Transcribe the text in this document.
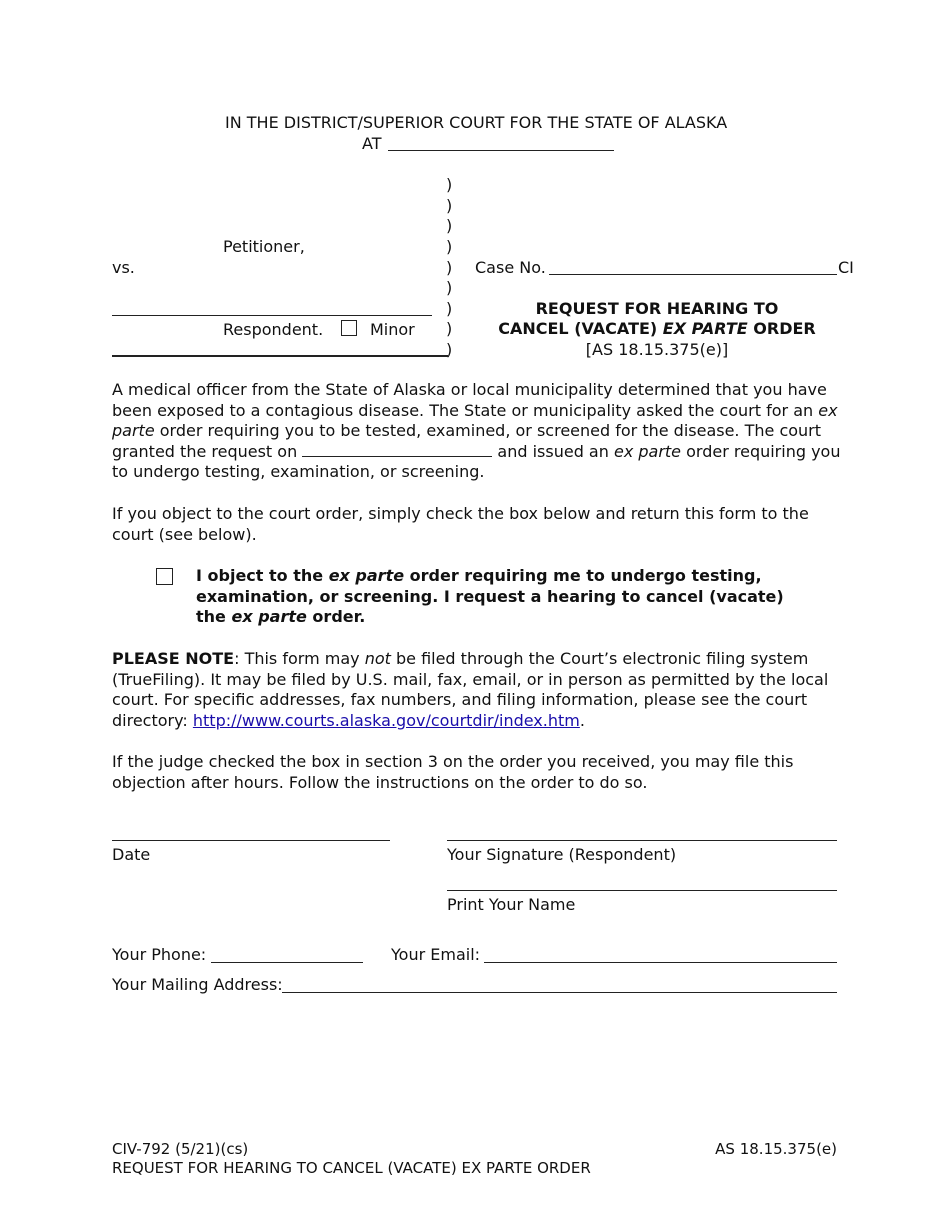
IN THE DISTRICT/SUPERIOR COURT FOR THE STATE OF ALASKA
AT
)
)
)
)
)
)
)
)
)
Petitioner,
vs.
Respondent.	Minor
Case No.	CI
REQUEST FOR HEARING TO
CANCEL (VACATE) EX PARTE ORDER
[AS 18.15.375(e)]
A medical officer from the State of Alaska or local municipality determined that you have been exposed to a contagious disease. The State or municipality asked the court for an ex parte order requiring you to be tested, examined, or screened for the disease. The court granted the request on	and issued an ex parte order requiring you to undergo testing, examination, or screening.
If you object to the court order, simply check the box below and return this form to the court (see below).
I object to the ex parte order requiring me to undergo testing, examination, or screening. I request a hearing to cancel (vacate) the ex parte order.
PLEASE NOTE: This form may not be filed through the Court’s electronic filing system (TrueFiling). It may be filed by U.S. mail, fax, email, or in person as permitted by the local court. For specific addresses, fax numbers, and filing information, please see the court directory: http://www.courts.alaska.gov/courtdir/index.htm.
If the judge checked the box in section 3 on the order you received, you may file this objection after hours. Follow the instructions on the order to do so.
Date	Your Signature (Respondent)
Print Your Name
Your Phone:	Your Email:
Your Mailing Address:
CIV-792 (5/21)(cs)
REQUEST FOR HEARING TO CANCEL (VACATE) EX PARTE ORDER
AS 18.15.375(e)
